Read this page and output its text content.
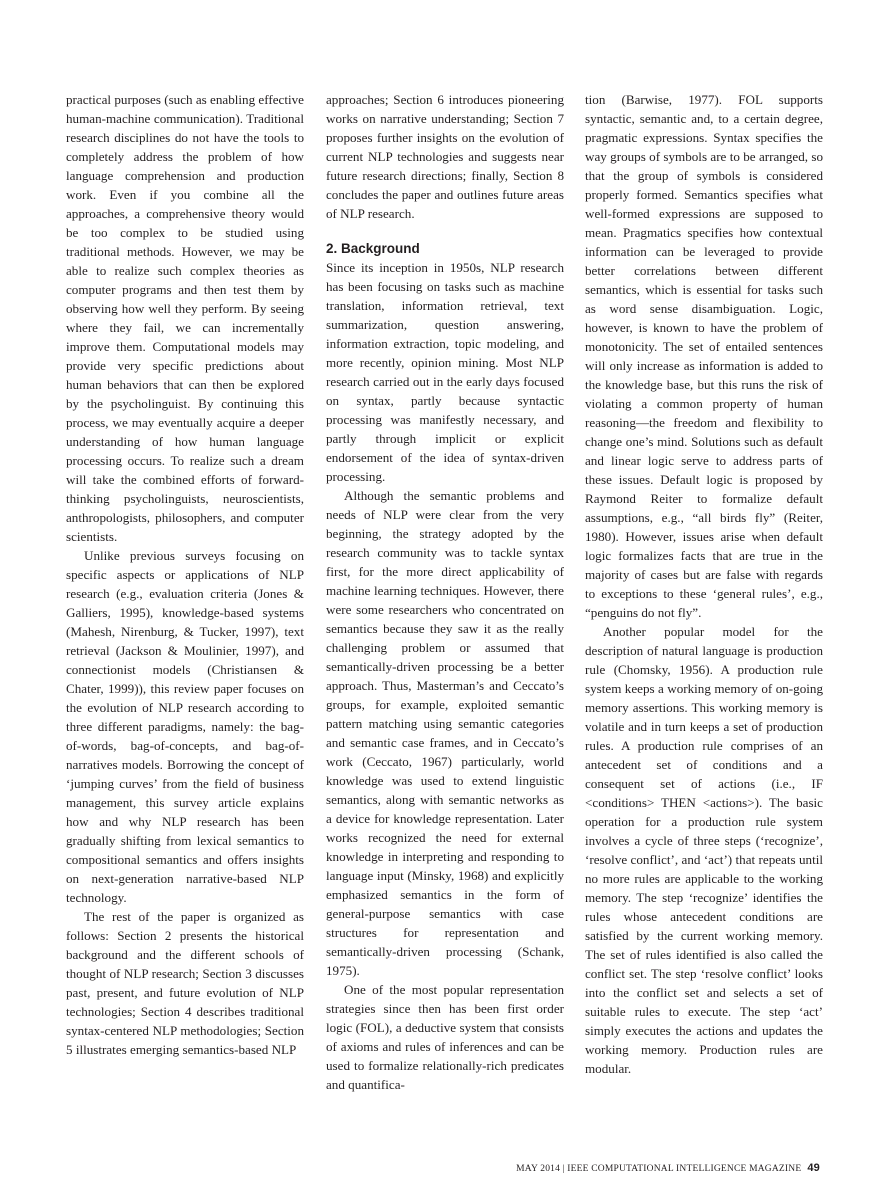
practical purposes (such as enabling effective human-machine communication). Traditional research disciplines do not have the tools to completely address the problem of how language comprehension and production work. Even if you combine all the approaches, a comprehensive theory would be too complex to be studied using traditional methods. However, we may be able to realize such complex theories as computer programs and then test them by observing how well they perform. By seeing where they fail, we can incrementally improve them. Computational models may provide very specific predictions about human behaviors that can then be explored by the psycholinguist. By continuing this process, we may eventually acquire a deeper understanding of how human language processing occurs. To realize such a dream will take the combined efforts of forward-thinking psycholinguists, neuroscientists, anthropologists, philosophers, and computer scientists.

Unlike previous surveys focusing on specific aspects or applications of NLP research (e.g., evaluation criteria (Jones & Galliers, 1995), knowledge-based systems (Mahesh, Nirenburg, & Tucker, 1997), text retrieval (Jackson & Moulinier, 1997), and connectionist models (Christiansen & Chater, 1999)), this review paper focuses on the evolution of NLP research according to three different paradigms, namely: the bag-of-words, bag-of-concepts, and bag-of-narratives models. Borrowing the concept of ‘jumping curves’ from the field of business management, this survey article explains how and why NLP research has been gradually shifting from lexical semantics to compositional semantics and offers insights on next-generation narrative-based NLP technology.

The rest of the paper is organized as follows: Section 2 presents the historical background and the different schools of thought of NLP research; Section 3 discusses past, present, and future evolution of NLP technologies; Section 4 describes traditional syntax-centered NLP methodologies; Section 5 illustrates emerging semantics-based NLP

approaches; Section 6 introduces pioneering works on narrative understanding; Section 7 proposes further insights on the evolution of current NLP technologies and suggests near future research directions; finally, Section 8 concludes the paper and outlines future areas of NLP research.

2. Background

Since its inception in 1950s, NLP research has been focusing on tasks such as machine translation, information retrieval, text summarization, question answering, information extraction, topic modeling, and more recently, opinion mining. Most NLP research carried out in the early days focused on syntax, partly because syntactic processing was manifestly necessary, and partly through implicit or explicit endorsement of the idea of syntax-driven processing.

Although the semantic problems and needs of NLP were clear from the very beginning, the strategy adopted by the research community was to tackle syntax first, for the more direct applicability of machine learning techniques. However, there were some researchers who concentrated on semantics because they saw it as the really challenging problem or assumed that semantically-driven processing be a better approach. Thus, Masterman’s and Ceccato’s groups, for example, exploited semantic pattern matching using semantic categories and semantic case frames, and in Ceccato’s work (Ceccato, 1967) particularly, world knowledge was used to extend linguistic semantics, along with semantic networks as a device for knowledge representation. Later works recognized the need for external knowledge in interpreting and responding to language input (Minsky, 1968) and explicitly emphasized semantics in the form of general-purpose semantics with case structures for representation and semantically-driven processing (Schank, 1975).

One of the most popular representation strategies since then has been first order logic (FOL), a deductive system that consists of axioms and rules of inferences and can be used to formalize relationally-rich predicates and quantifica-

tion (Barwise, 1977). FOL supports syntactic, semantic and, to a certain degree, pragmatic expressions. Syntax specifies the way groups of symbols are to be arranged, so that the group of symbols is considered properly formed. Semantics specifies what well-formed expressions are supposed to mean. Pragmatics specifies how contextual information can be leveraged to provide better correlations between different semantics, which is essential for tasks such as word sense disambiguation. Logic, however, is known to have the problem of monotonicity. The set of entailed sentences will only increase as information is added to the knowledge base, but this runs the risk of violating a common property of human reasoning—the freedom and flexibility to change one’s mind. Solutions such as default and linear logic serve to address parts of these issues. Default logic is proposed by Raymond Reiter to formalize default assumptions, e.g., “all birds fly” (Reiter, 1980). However, issues arise when default logic formalizes facts that are true in the majority of cases but are false with regards to exceptions to these ‘general rules’, e.g., “penguins do not fly”.

Another popular model for the description of natural language is production rule (Chomsky, 1956). A production rule system keeps a working memory of on-going memory assertions. This working memory is volatile and in turn keeps a set of production rules. A production rule comprises of an antecedent set of conditions and a consequent set of actions (i.e., IF <conditions> THEN <actions>). The basic operation for a production rule system involves a cycle of three steps (‘recognize’, ‘resolve conflict’, and ‘act’) that repeats until no more rules are applicable to the working memory. The step ‘recognize’ identifies the rules whose antecedent conditions are satisfied by the current working memory. The set of rules identified is also called the conflict set. The step ‘resolve conflict’ looks into the conflict set and selects a set of suitable rules to execute. The step ‘act’ simply executes the actions and updates the working memory. Production rules are modular.

MAY 2014 | IEEE COMPUTATIONAL INTELLIGENCE MAGAZINE 49
